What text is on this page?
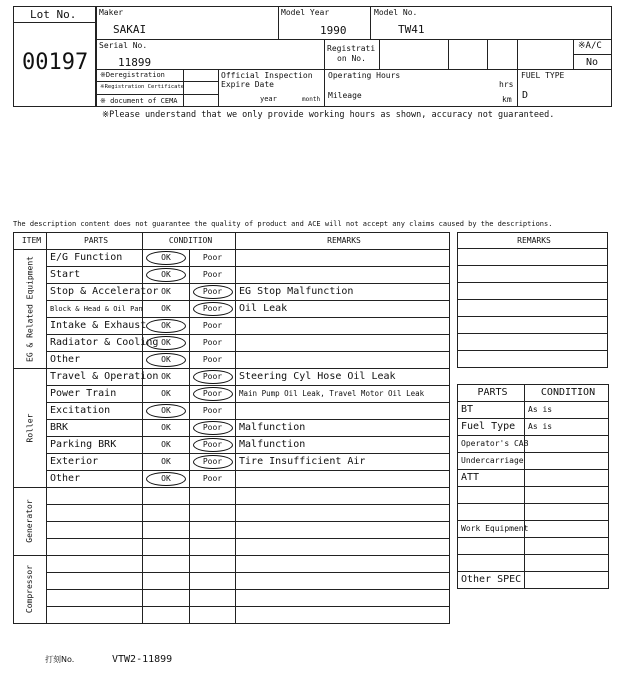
Lot No.
00197
Maker
SAKAI
Model Year
1990
Model No.
TW41
Serial No.
11899
Registrati
on No.
※A/C
No
※Deregistration
※Registration Certificate
※ document of CEMA
Official Inspection
Expire Date
year	month
Operating Hours
hrs
Mileage	km
FUEL TYPE
D
※Please understand that we only provide working hours as shown, accuracy not guaranteed.
The description content does not guarantee the quality of product and ACE will not accept any claims caused by the descriptions.
ITEM	PARTS	CONDITION		REMARKS

EG & Related Equipment	E/G Function	OK	Poor	
	Start	OK	Poor	
	Stop & Accelerator	OK	Poor	EG Stop Malfunction
	Block & Head & Oil Pan	OK	Poor	Oil Leak
	Intake & Exhaust	OK	Poor	
	Radiator & Cooling	OK	Poor	
	Other	OK	Poor	

Roller	Travel & Operation	OK	Poor	Steering Cyl Hose Oil Leak
	Power Train	OK	Poor	Main Pump Oil Leak, Travel Motor Oil Leak
	Excitation	OK	Poor	
	BRK	OK	Poor	Malfunction
	Parking BRK	OK	Poor	Malfunction
	Exterior	OK	Poor	Tire Insufficient Air
	Other	OK	Poor	

Generator				

Compressor				

REMARKS

PARTS	CONDITION
BT	As is
Fuel Type	As is
Operator's CAB	
Undercarriage	
ATT	

Work Equipment	

Other SPEC	
打刻No.	VTW2-11899
